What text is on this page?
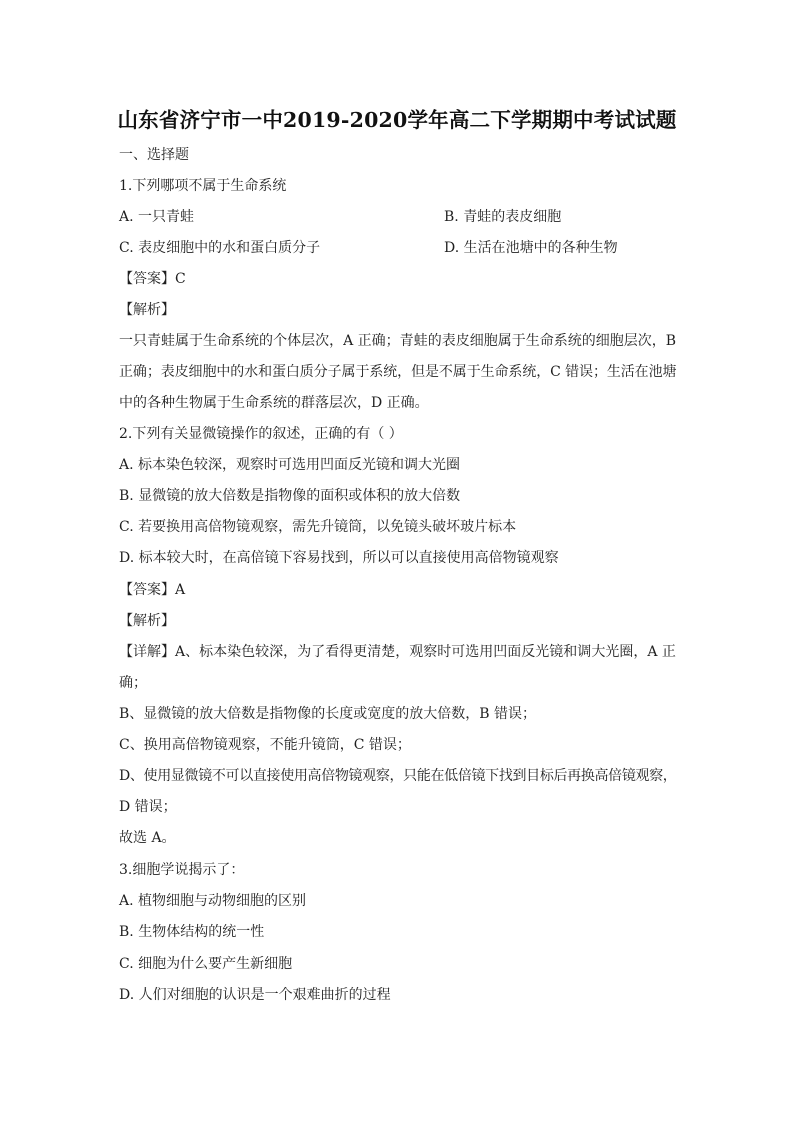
山东省济宁市一中2019-2020学年高二下学期期中考试试题
一、选择题
1.下列哪项不属于生命系统
A. 一只青蛙	B. 青蛙的表皮细胞
C. 表皮细胞中的水和蛋白质分子	D. 生活在池塘中的各种生物
【答案】C
【解析】
一只青蛙属于生命系统的个体层次，A 正确；青蛙的表皮细胞属于生命系统的细胞层次，B
正确；表皮细胞中的水和蛋白质分子属于系统，但是不属于生命系统，C 错误；生活在池塘
中的各种生物属于生命系统的群落层次，D 正确。
2.下列有关显微镜操作的叙述，正确的有（ ）
A. 标本染色较深，观察时可选用凹面反光镜和调大光圈
B. 显微镜的放大倍数是指物像的面积或体积的放大倍数
C. 若要换用高倍物镜观察，需先升镜筒，以免镜头破坏玻片标本
D. 标本较大时，在高倍镜下容易找到，所以可以直接使用高倍物镜观察
【答案】A
【解析】
【详解】A、标本染色较深，为了看得更清楚，观察时可选用凹面反光镜和调大光圈，A 正
确；
B、显微镜的放大倍数是指物像的长度或宽度的放大倍数，B 错误；
C、换用高倍物镜观察，不能升镜筒，C 错误；
D、使用显微镜不可以直接使用高倍物镜观察，只能在低倍镜下找到目标后再换高倍镜观察，
D 错误；
故选 A。
3.细胞学说揭示了：
A. 植物细胞与动物细胞的区别
B. 生物体结构的统一性
C. 细胞为什么要产生新细胞
D. 人们对细胞的认识是一个艰难曲折的过程
